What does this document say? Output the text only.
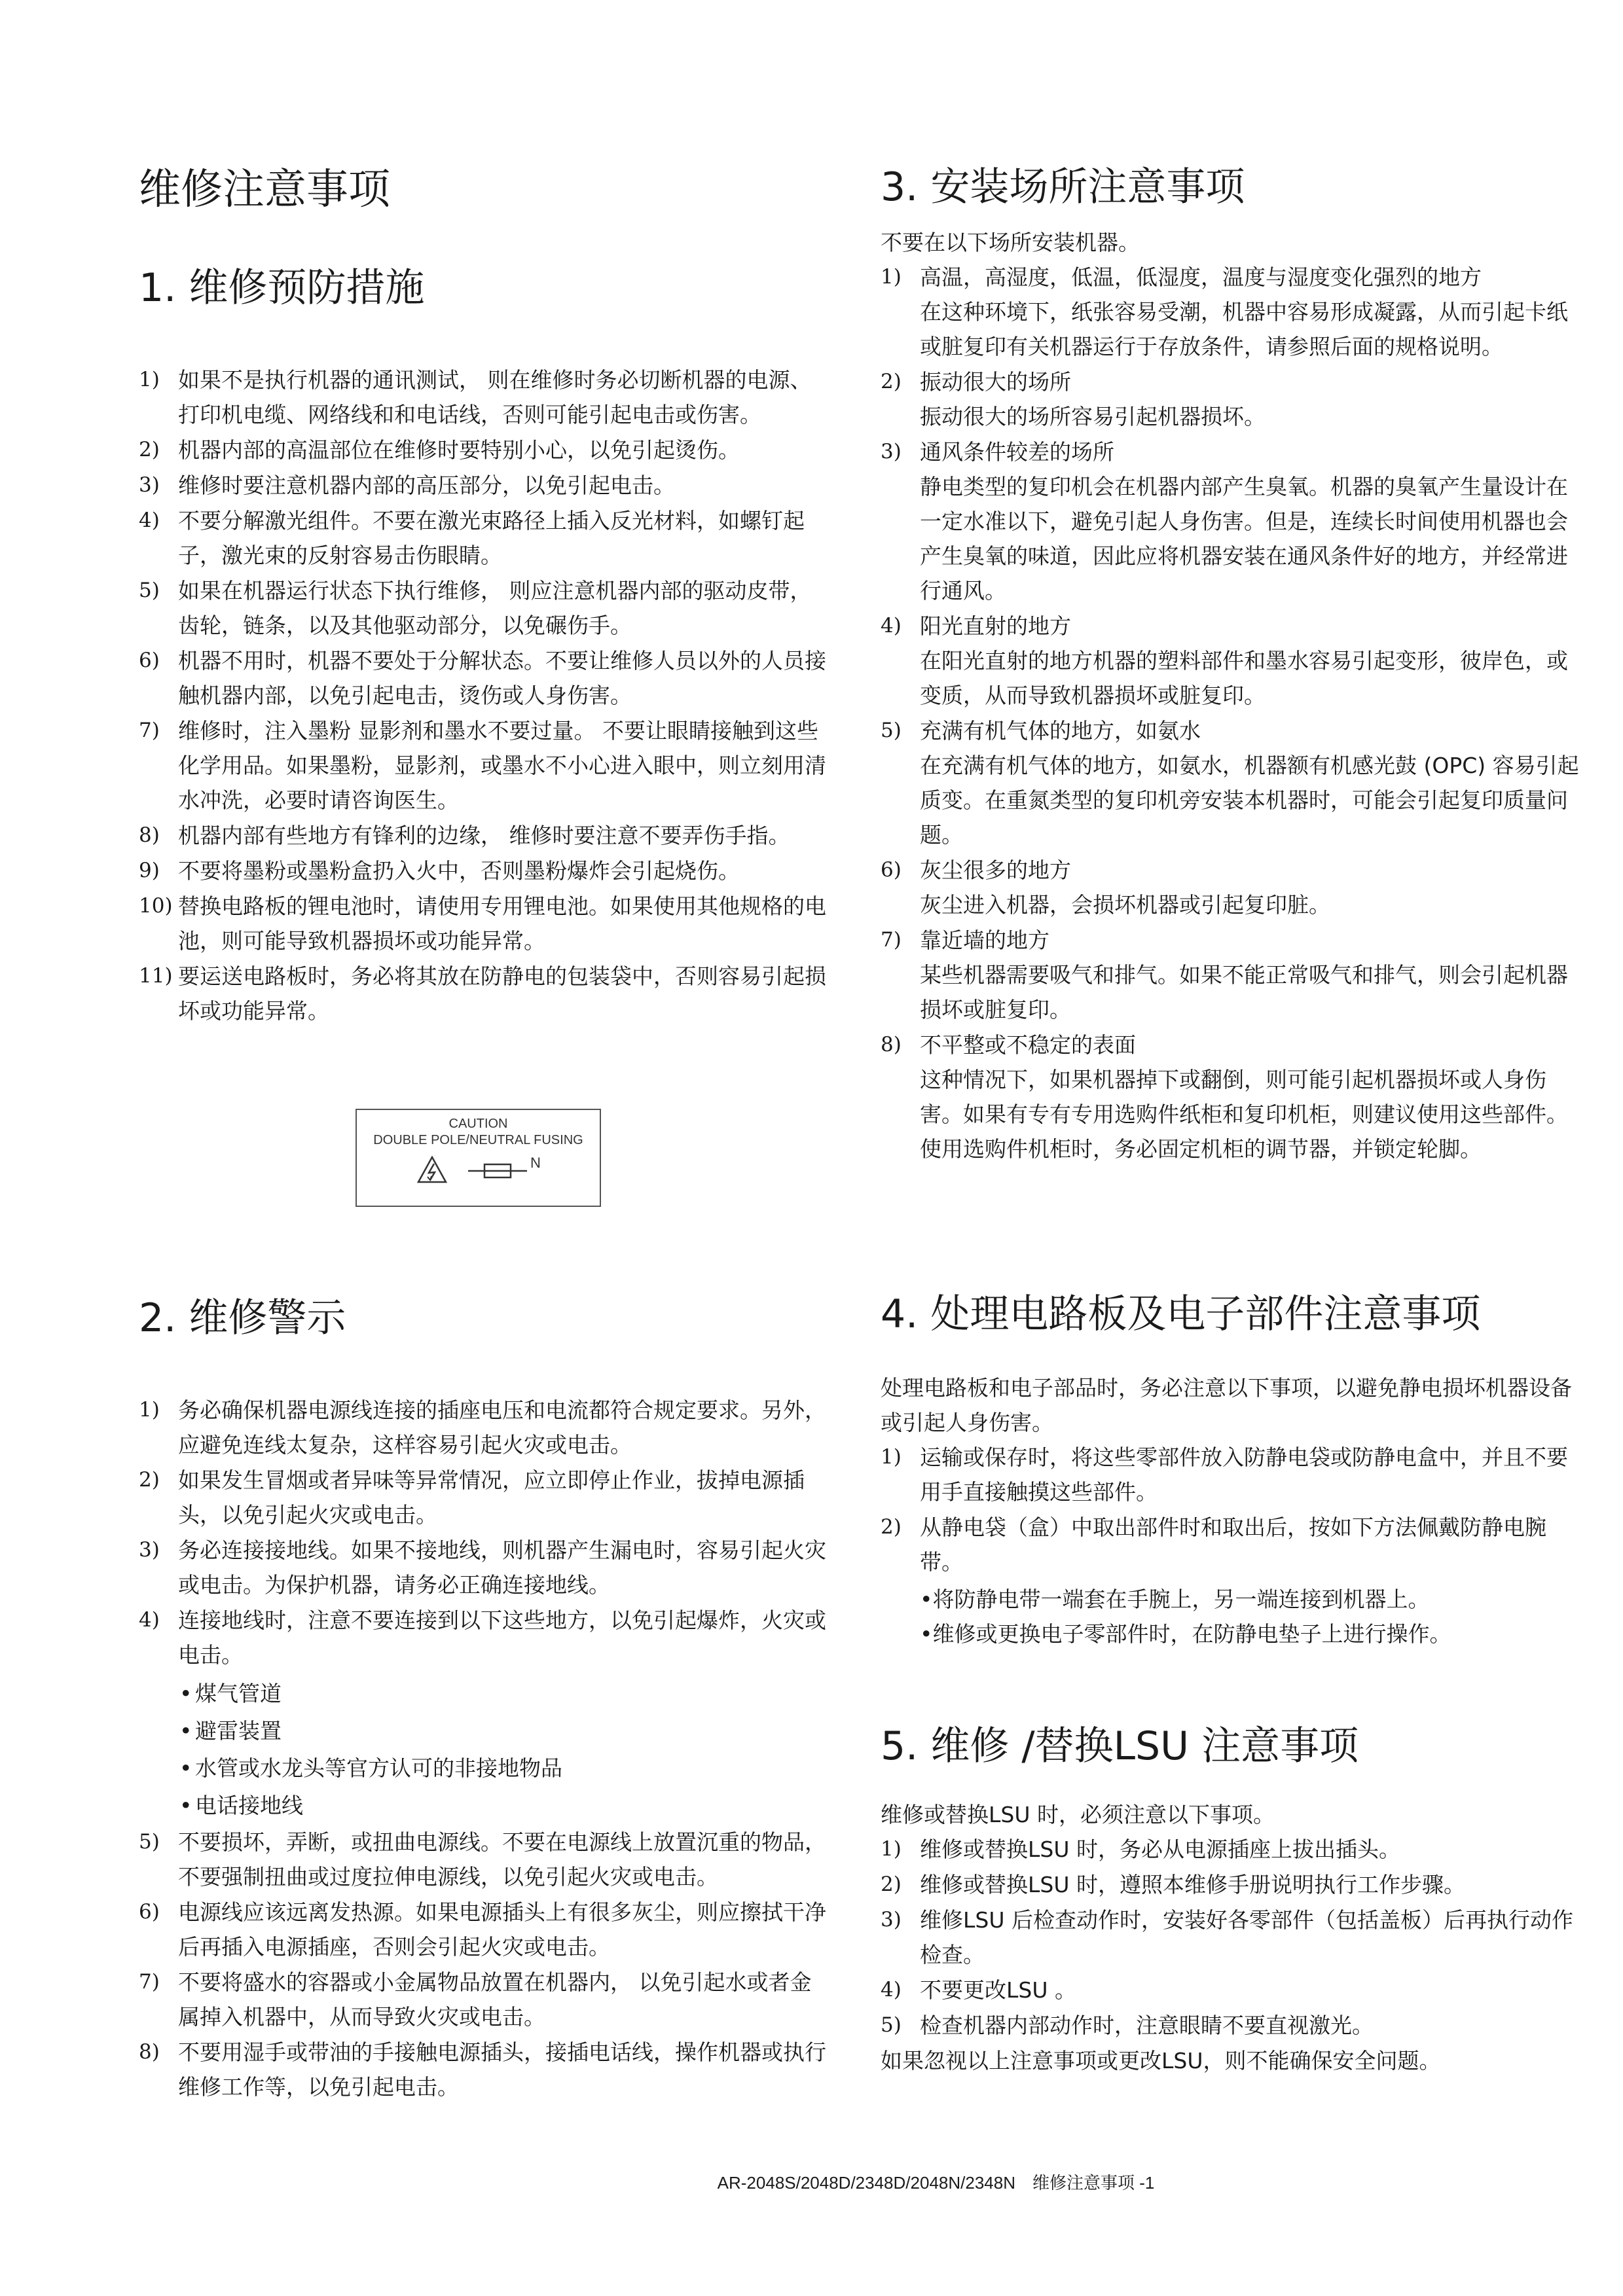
维修注意事项
1. 维修预防措施
1) 如果不是执行机器的通讯测试， 则在维修时务必切断机器的电源、打印机电缆、网络线和和电话线，否则可能引起电击或伤害。
2) 机器内部的高温部位在维修时要特别小心，以免引起烫伤。
3) 维修时要注意机器内部的高压部分，以免引起电击。
4) 不要分解激光组件。不要在激光束路径上插入反光材料，如螺钉起子，激光束的反射容易击伤眼睛。
5) 如果在机器运行状态下执行维修， 则应注意机器内部的驱动皮带，齿轮，链条，以及其他驱动部分，以免碾伤手。
6) 机器不用时，机器不要处于分解状态。不要让维修人员以外的人员接触机器内部，以免引起电击，烫伤或人身伤害。
7) 维修时，注入墨粉 显影剂和墨水不要过量。 不要让眼睛接触到这些化学用品。如果墨粉，显影剂，或墨水不小心进入眼中，则立刻用清水冲洗，必要时请咨询医生。
8) 机器内部有些地方有锋利的边缘， 维修时要注意不要弄伤手指。
9) 不要将墨粉或墨粉盒扔入火中，否则墨粉爆炸会引起烧伤。
10) 替换电路板的锂电池时，请使用专用锂电池。如果使用其他规格的电池，则可能导致机器损坏或功能异常。
11) 要运送电路板时，务必将其放在防静电的包装袋中，否则容易引起损坏或功能异常。
CAUTION
DOUBLE POLE/NEUTRAL FUSING
N
2. 维修警示
1) 务必确保机器电源线连接的插座电压和电流都符合规定要求。另外，应避免连线太复杂，这样容易引起火灾或电击。
2) 如果发生冒烟或者异味等异常情况，应立即停止作业，拔掉电源插头，以免引起火灾或电击。
3) 务必连接接地线。如果不接地线，则机器产生漏电时，容易引起火灾或电击。为保护机器，请务必正确连接地线。
4) 连接地线时，注意不要连接到以下这些地方，以免引起爆炸，火灾或电击。
• 煤气管道
• 避雷装置
• 水管或水龙头等官方认可的非接地物品
• 电话接地线
5) 不要损坏，弄断，或扭曲电源线。不要在电源线上放置沉重的物品，不要强制扭曲或过度拉伸电源线，以免引起火灾或电击。
6) 电源线应该远离发热源。如果电源插头上有很多灰尘，则应擦拭干净后再插入电源插座，否则会引起火灾或电击。
7) 不要将盛水的容器或小金属物品放置在机器内， 以免引起水或者金属掉入机器中，从而导致火灾或电击。
8) 不要用湿手或带油的手接触电源插头，接插电话线，操作机器或执行维修工作等，以免引起电击。
3. 安装场所注意事项

不要在以下场所安装机器。

1) 高温，高湿度，低温，低湿度，温度与湿度变化强烈的地方
在这种环境下，纸张容易受潮，机器中容易形成凝露，从而引起卡纸或脏复印有关机器运行于存放条件，请参照后面的规格说明。
2) 振动很大的场所
振动很大的场所容易引起机器损坏。
3) 通风条件较差的场所
静电类型的复印机会在机器内部产生臭氧。机器的臭氧产生量设计在一定水准以下，避免引起人身伤害。但是，连续长时间使用机器也会产生臭氧的味道，因此应将机器安装在通风条件好的地方，并经常进行通风。
4) 阳光直射的地方
在阳光直射的地方机器的塑料部件和墨水容易引起变形，彼岸色，或变质，从而导致机器损坏或脏复印。
5) 充满有机气体的地方，如氨水
在充满有机气体的地方，如氨水，机器额有机感光鼓 (OPC) 容易引起质变。在重氮类型的复印机旁安装本机器时，可能会引起复印质量问题。
6) 灰尘很多的地方
灰尘进入机器，会损坏机器或引起复印脏。
7) 靠近墙的地方
某些机器需要吸气和排气。如果不能正常吸气和排气，则会引起机器损坏或脏复印。
8) 不平整或不稳定的表面
这种情况下，如果机器掉下或翻倒，则可能引起机器损坏或人身伤害。如果有专有专用选购件纸柜和复印机柜，则建议使用这些部件。使用选购件机柜时，务必固定机柜的调节器，并锁定轮脚。
4. 处理电路板及电子部件注意事项

处理电路板和电子部品时，务必注意以下事项，以避免静电损坏机器设备或引起人身伤害。

1) 运输或保存时，将这些零部件放入防静电袋或防静电盒中，并且不要用手直接触摸这些部件。
2) 从静电袋（盒）中取出部件时和取出后，按如下方法佩戴防静电腕带。
•将防静电带一端套在手腕上，另一端连接到机器上。
•维修或更换电子零部件时，在防静电垫子上进行操作。
5. 维修 /替换LSU 注意事项

维修或替换LSU 时，必须注意以下事项。

1) 维修或替换LSU 时，务必从电源插座上拔出插头。
2) 维修或替换LSU 时，遵照本维修手册说明执行工作步骤。
3) 维修LSU 后检查动作时，安装好各零部件（包括盖板）后再执行动作检查。
4) 不要更改LSU 。
5) 检查机器内部动作时，注意眼睛不要直视激光。

如果忽视以上注意事项或更改LSU，则不能确保安全问题。

AR-2048S/2048D/2348D/2048N/2348N　维修注意事项 -1
